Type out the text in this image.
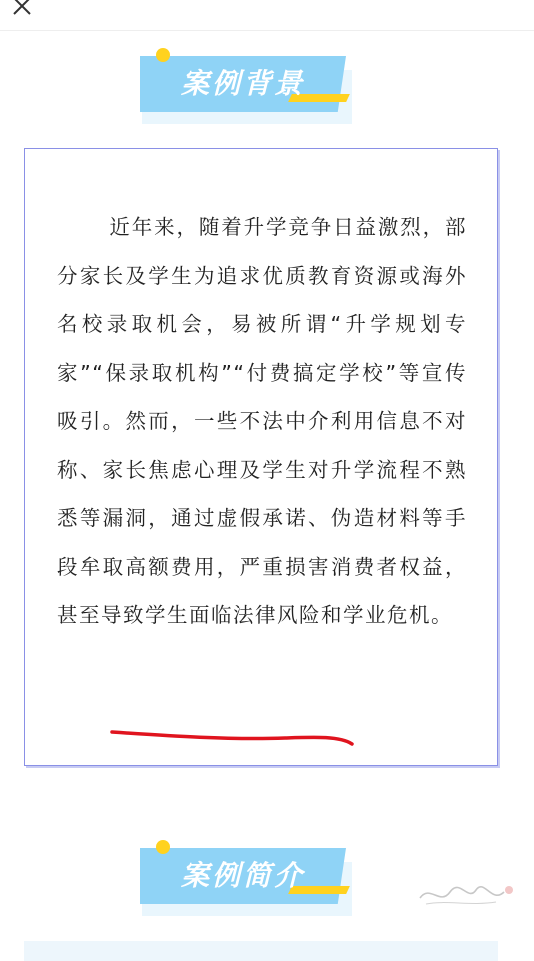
案例背景

近年来，随着升学竞争日益激烈，部分家长及学生为追求优质教育资源或海外名校录取机会，易被所谓“升学规划专家”“保录取机构”“付费搞定学校”等宣传吸引。然而，一些不法中介利用信息不对称、家长焦虑心理及学生对升学流程不熟悉等漏洞，通过虚假承诺、伪造材料等手段牟取高额费用，严重损害消费者权益，甚至导致学生面临法律风险和学业危机。

案例简介
